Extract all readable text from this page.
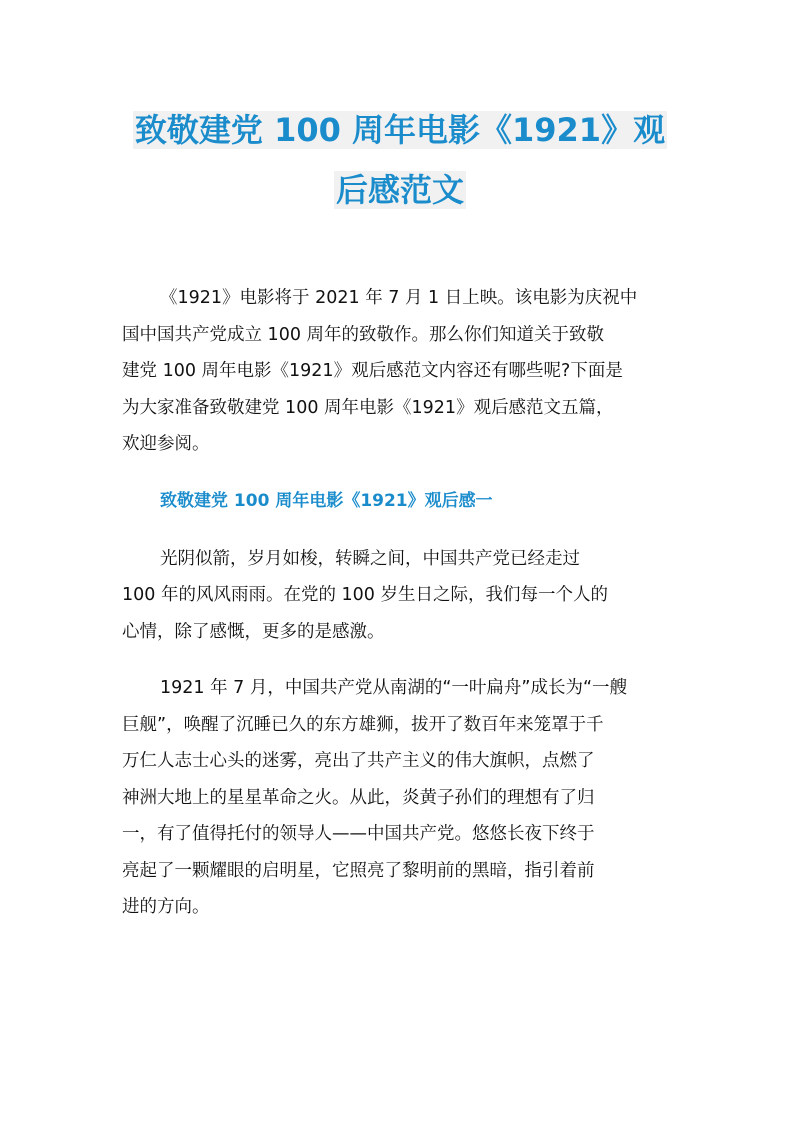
致敬建党 100 周年电影《1921》观
后感范文
《1921》电影将于 2021 年 7 月 1 日上映。该电影为庆祝中
国中国共产党成立 100 周年的致敬作。那么你们知道关于致敬
建党 100 周年电影《1921》观后感范文内容还有哪些呢?下面是
为大家准备致敬建党 100 周年电影《1921》观后感范文五篇，
欢迎参阅。
致敬建党 100 周年电影《1921》观后感一
光阴似箭，岁月如梭，转瞬之间，中国共产党已经走过
100 年的风风雨雨。在党的 100 岁生日之际，我们每一个人的
心情，除了感慨，更多的是感激。
1921 年 7 月，中国共产党从南湖的“一叶扁舟”成长为“一艘
巨舰”，唤醒了沉睡已久的东方雄狮，拔开了数百年来笼罩于千
万仁人志士心头的迷雾，亮出了共产主义的伟大旗帜，点燃了
神洲大地上的星星革命之火。从此，炎黄子孙们的理想有了归
一，有了值得托付的领导人——中国共产党。悠悠长夜下终于
亮起了一颗耀眼的启明星，它照亮了黎明前的黑暗，指引着前
进的方向。
